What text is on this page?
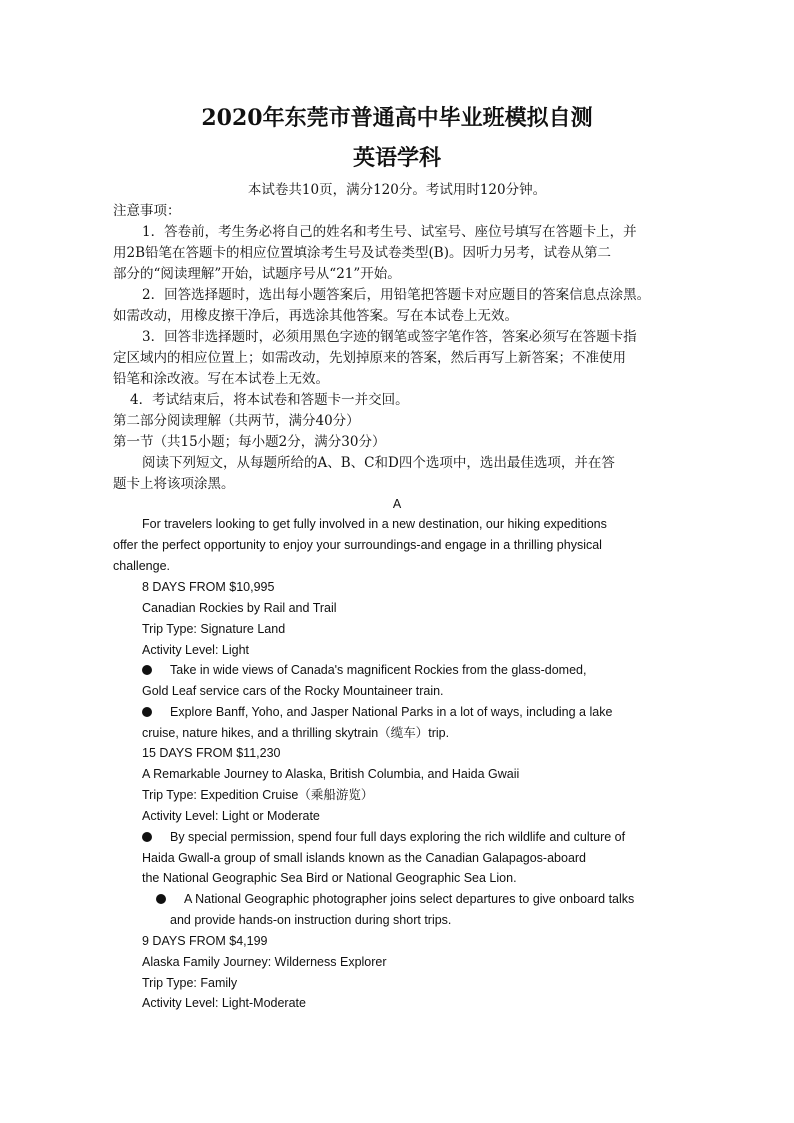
2020年东莞市普通高中毕业班模拟自测
英语学科
本试卷共10页，满分120分。考试用时120分钟。
注意事项：
1．答卷前，考生务必将自己的姓名和考生号、试室号、座位号填写在答题卡上，并
用2B铅笔在答题卡的相应位置填涂考生号及试卷类型(B)。因听力另考，试卷从第二
部分的“阅读理解”开始，试题序号从“21”开始。
2．回答选择题时，选出每小题答案后，用铅笔把答题卡对应题目的答案信息点涂黑。
如需改动，用橡皮擦干净后，再选涂其他答案。写在本试卷上无效。
3．回答非选择题时，必须用黑色字迹的钢笔或签字笔作答，答案必须写在答题卡指
定区域内的相应位置上；如需改动，先划掉原来的答案，然后再写上新答案；不准使用
铅笔和涂改液。写在本试卷上无效。
4．考试结束后，将本试卷和答题卡一并交回。
第二部分阅读理解（共两节，满分40分）
第一节（共15小题；每小题2分，满分30分）
阅读下列短文，从每题所给的A、B、C和D四个选项中，选出最佳选项，并在答
题卡上将该项涂黑。
A
For travelers looking to get fully involved in a new destination, our hiking expeditions
offer the perfect opportunity to enjoy your surroundings-and engage in a thrilling physical
challenge.
8 DAYS FROM $10,995
Canadian Rockies by Rail and Trail
Trip Type: Signature Land
Activity Level: Light
Take in wide views of Canada's magnificent Rockies from the glass-domed,
Gold Leaf service cars of the Rocky Mountaineer train.
Explore Banff, Yoho, and Jasper National Parks in a lot of ways, including a lake
cruise, nature hikes, and a thrilling skytrain（缆车）trip.
15 DAYS FROM $11,230
A Remarkable Journey to Alaska, British Columbia, and Haida Gwaii
Trip Type: Expedition Cruise（乘船游览）
Activity Level: Light or Moderate
By special permission, spend four full days exploring the rich wildlife and culture of
Haida Gwall-a group of small islands known as the Canadian Galapagos-aboard
the National Geographic Sea Bird or National Geographic Sea Lion.
A National Geographic photographer joins select departures to give onboard talks
and provide hands-on instruction during short trips.
9 DAYS FROM $4,199
Alaska Family Journey: Wilderness Explorer
Trip Type: Family
Activity Level: Light-Moderate
